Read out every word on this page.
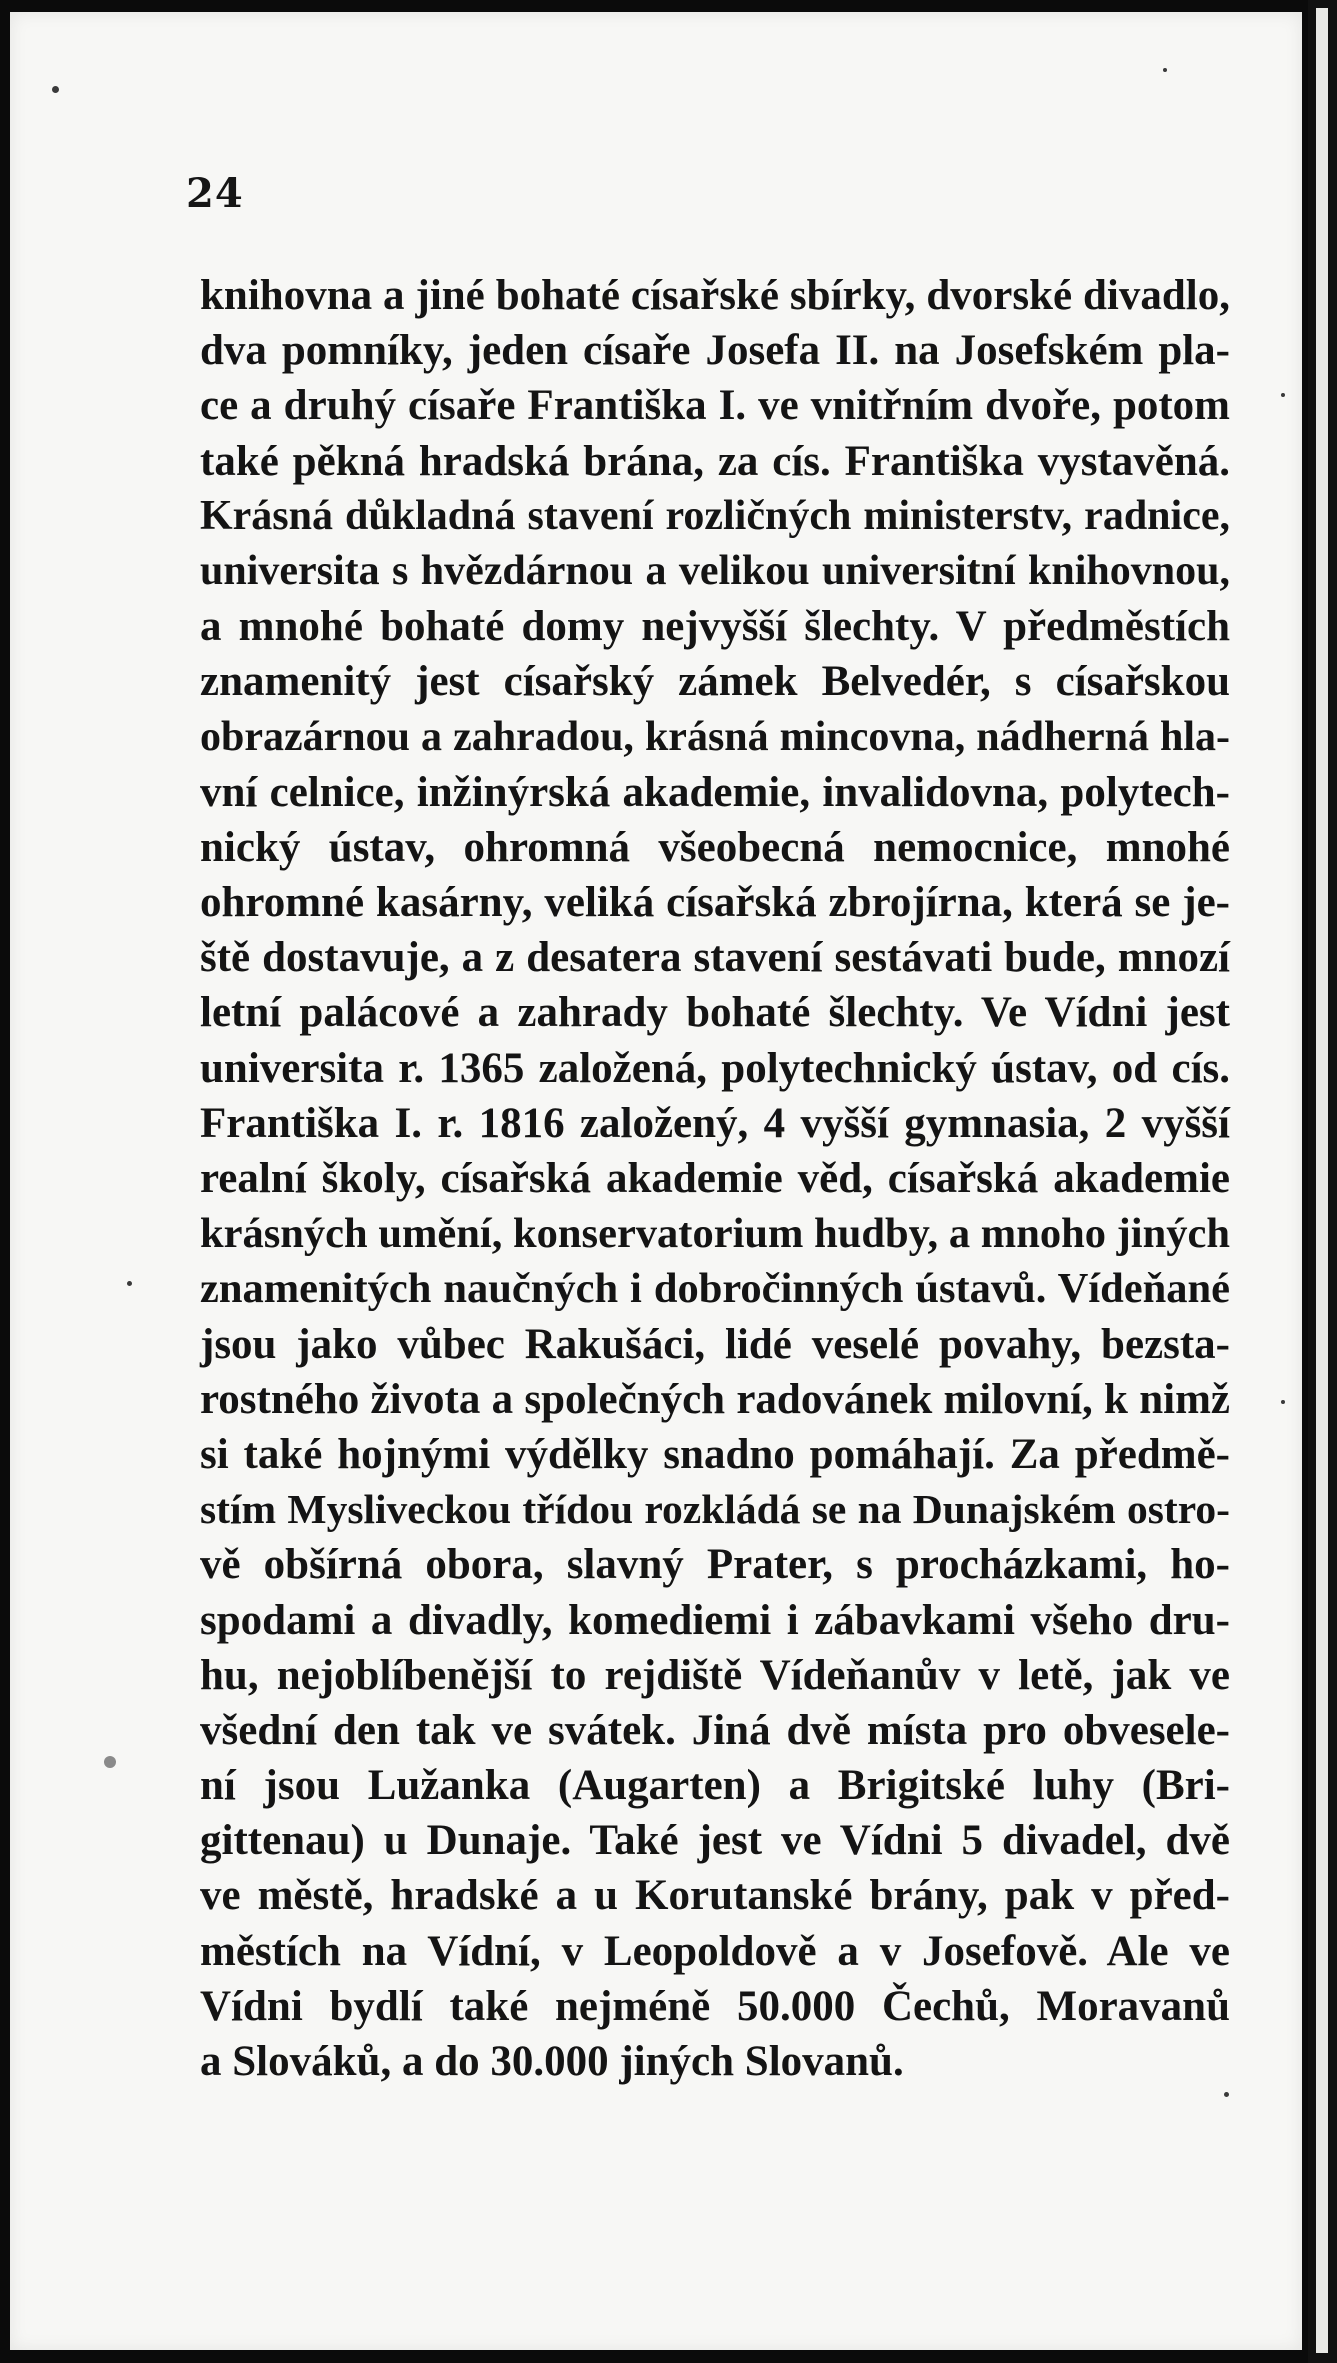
24
knihovna a jiné bohaté císařské sbírky, dvorské divadlo,
dva pomníky, jeden císaře Josefa II. na Josefském pla-
ce a druhý císaře Františka I. ve vnitřním dvoře, potom
také pěkná hradská brána, za cís. Františka vystavěná.
Krásná důkladná stavení rozličných ministerstv, radnice,
universita s hvězdárnou a velikou universitní knihovnou,
a mnohé bohaté domy nejvyšší šlechty. V předměstích
znamenitý jest císařský zámek Belvedér, s císařskou
obrazárnou a zahradou, krásná mincovna, nádherná hla-
vní celnice, inžinýrská akademie, invalidovna, polytech-
nický ústav, ohromná všeobecná nemocnice, mnohé
ohromné kasárny, veliká císařská zbrojírna, která se je-
ště dostavuje, a z desatera stavení sestávati bude, mnozí
letní palácové a zahrady bohaté šlechty. Ve Vídni jest
universita r. 1365 založená, polytechnický ústav, od cís.
Františka I. r. 1816 založený, 4 vyšší gymnasia, 2 vyšší
realní školy, císařská akademie věd, císařská akademie
krásných umění, konservatorium hudby, a mnoho jiných
znamenitých naučných i dobročinných ústavů. Vídeňané
jsou jako vůbec Rakušáci, lidé veselé povahy, bezsta-
rostného života a společných radovánek milovní, k nimž
si také hojnými výdělky snadno pomáhají. Za předmě-
stím Mysliveckou třídou rozkládá se na Dunajském ostro-
vě obšírná obora, slavný Prater, s procházkami, ho-
spodami a divadly, komediemi i zábavkami všeho dru-
hu, nejoblíbenější to rejdiště Vídeňanův v letě, jak ve
všední den tak ve svátek. Jiná dvě místa pro obvesele-
ní jsou Lužanka (Augarten) a Brigitské luhy (Bri-
gittenau) u Dunaje. Také jest ve Vídni 5 divadel, dvě
ve městě, hradské a u Korutanské brány, pak v před-
městích na Vídní, v Leopoldově a v Josefově. Ale ve
Vídni bydlí také nejméně 50.000 Čechů, Moravanů
a Slováků, a do 30.000 jiných Slovanů.
